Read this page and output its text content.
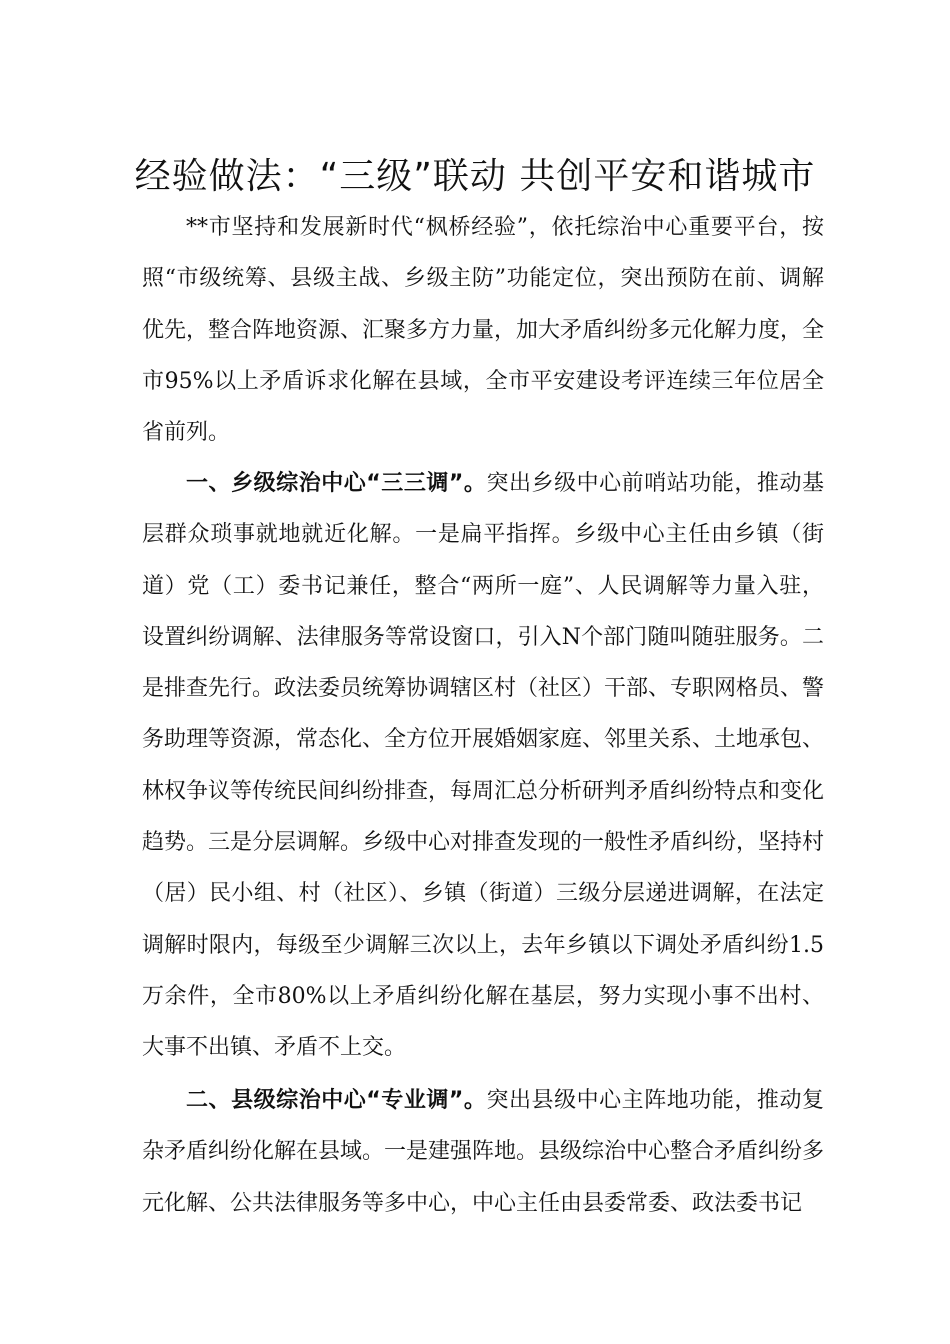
经验做法：“三级”联动 共创平安和谐城市

**市坚持和发展新时代“枫桥经验”，依托综治中心重要平台，按照“市级统筹、县级主战、乡级主防”功能定位，突出预防在前、调解优先，整合阵地资源、汇聚多方力量，加大矛盾纠纷多元化解力度，全市95%以上矛盾诉求化解在县域，全市平安建设考评连续三年位居全省前列。

一、乡级综治中心“三三调”。突出乡级中心前哨站功能，推动基层群众琐事就地就近化解。一是扁平指挥。乡级中心主任由乡镇（街道）党（工）委书记兼任，整合“两所一庭”、人民调解等力量入驻，设置纠纷调解、法律服务等常设窗口，引入N个部门随叫随驻服务。二是排查先行。政法委员统筹协调辖区村（社区）干部、专职网格员、警务助理等资源，常态化、全方位开展婚姻家庭、邻里关系、土地承包、林权争议等传统民间纠纷排查，每周汇总分析研判矛盾纠纷特点和变化趋势。三是分层调解。乡级中心对排查发现的一般性矛盾纠纷，坚持村（居）民小组、村（社区）、乡镇（街道）三级分层递进调解，在法定调解时限内，每级至少调解三次以上，去年乡镇以下调处矛盾纠纷1.5万余件，全市80%以上矛盾纠纷化解在基层，努力实现小事不出村、大事不出镇、矛盾不上交。

二、县级综治中心“专业调”。突出县级中心主阵地功能，推动复杂矛盾纠纷化解在县域。一是建强阵地。县级综治中心整合矛盾纠纷多元化解、公共法律服务等多中心，中心主任由县委常委、政法委书记
